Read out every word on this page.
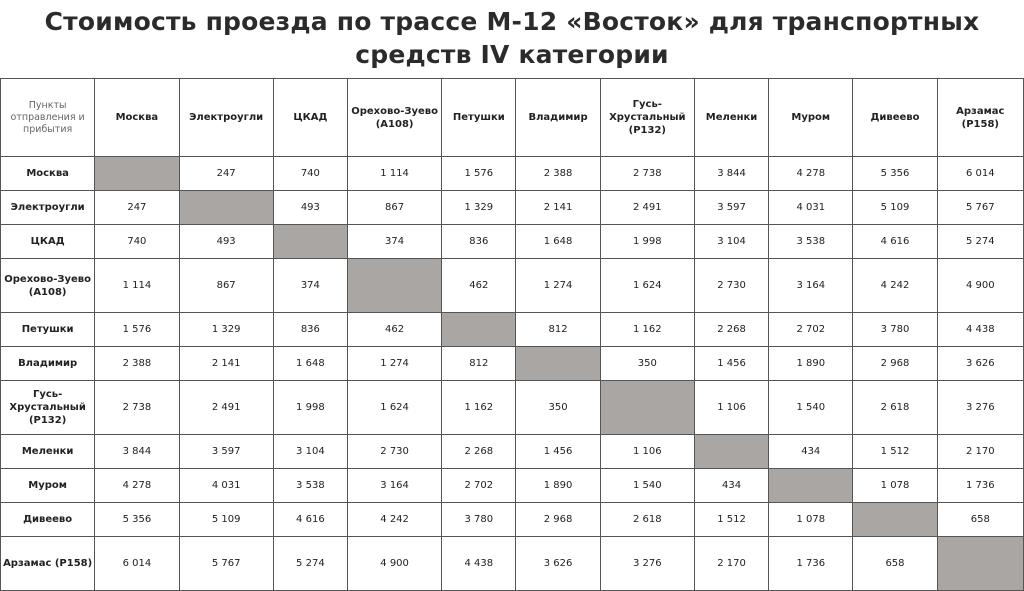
Стоимость проезда по трассе М-12 «Восток» для транспортных средств IV категории
Пункты отправления и прибытия	Москва	Электроугли	ЦКАД	Орехово-Зуево (А108)	Петушки	Владимир	Гусь-Хрустальный (Р132)	Меленки	Муром	Дивеево	Арзамас (Р158)
Москва		247	740	1 114	1 576	2 388	2 738	3 844	4 278	5 356	6 014
Электроугли	247		493	867	1 329	2 141	2 491	3 597	4 031	5 109	5 767
ЦКАД	740	493		374	836	1 648	1 998	3 104	3 538	4 616	5 274
Орехово-Зуево (А108)	1 114	867	374		462	1 274	1 624	2 730	3 164	4 242	4 900
Петушки	1 576	1 329	836	462		812	1 162	2 268	2 702	3 780	4 438
Владимир	2 388	2 141	1 648	1 274	812		350	1 456	1 890	2 968	3 626
Гусь-Хрустальный (Р132)	2 738	2 491	1 998	1 624	1 162	350		1 106	1 540	2 618	3 276
Меленки	3 844	3 597	3 104	2 730	2 268	1 456	1 106		434	1 512	2 170
Муром	4 278	4 031	3 538	3 164	2 702	1 890	1 540	434		1 078	1 736
Дивеево	5 356	5 109	4 616	4 242	3 780	2 968	2 618	1 512	1 078		658
Арзамас (Р158)	6 014	5 767	5 274	4 900	4 438	3 626	3 276	2 170	1 736	658	
